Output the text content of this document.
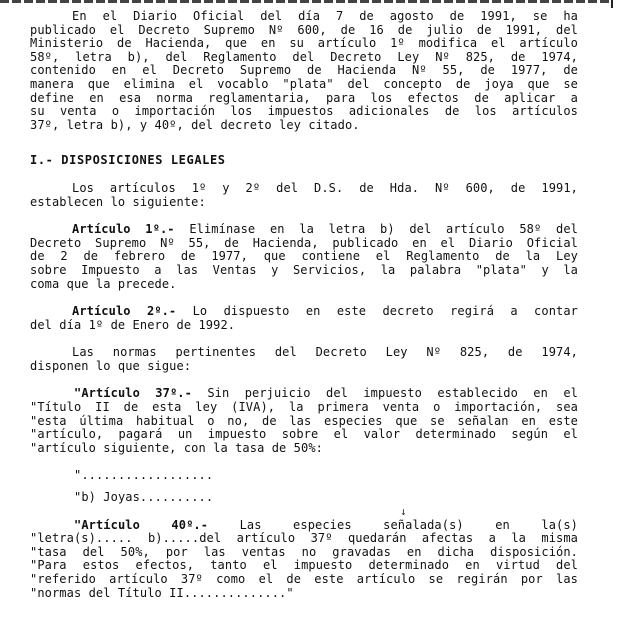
En el Diario Oficial del día 7 de agosto de 1991, se ha
publicado el Decreto Supremo Nº 600, de 16 de julio de 1991, del
Ministerio de Hacienda, que en su artículo 1º modifica el artículo
58º, letra b), del Reglamento del Decreto Ley Nº 825, de 1974,
contenido en el Decreto Supremo de Hacienda Nº 55, de 1977, de
manera que elimina el vocablo "plata" del concepto de joya que se
define en esa norma reglamentaria, para los efectos de aplicar a
su venta o importación los impuestos adicionales de los artículos
37º, letra b), y 40º, del decreto ley citado.
I.- DISPOSICIONES LEGALES
Los artículos 1º y 2º del D.S. de Hda. Nº 600, de 1991,
establecen lo siguiente:
Artículo 1º.- Elimínase en la letra b) del artículo 58º del
Decreto Supremo Nº 55, de Hacienda, publicado en el Diario Oficial
de 2 de febrero de 1977, que contiene el Reglamento de la Ley
sobre Impuesto a las Ventas y Servicios, la palabra "plata" y la
coma que la precede.
Artículo 2º.- Lo dispuesto en este decreto regirá a contar
del día 1º de Enero de 1992.
Las normas pertinentes del Decreto Ley Nº 825, de 1974,
disponen lo que sigue:
"Artículo 37º.- Sin perjuicio del impuesto establecido en el
"Título II de esta ley (IVA), la primera venta o importación, sea
"esta última habitual o no, de las especies que se señalan en este
"artículo, pagará un impuesto sobre el valor determinado según el
"artículo siguiente, con la tasa de 50%:
"..................
"b) Joyas..........
"Artículo 40º.- Las especies señalada(s) en la(s)
"letra(s)..... b).....del artículo 37º quedarán afectas a la misma
"tasa del 50%, por las ventas no gravadas en dicha disposición.
"Para estos efectos, tanto el impuesto determinado en virtud del
"referido artículo 37º como el de este artículo se regirán por las
"normas del Título II.............."
↓
